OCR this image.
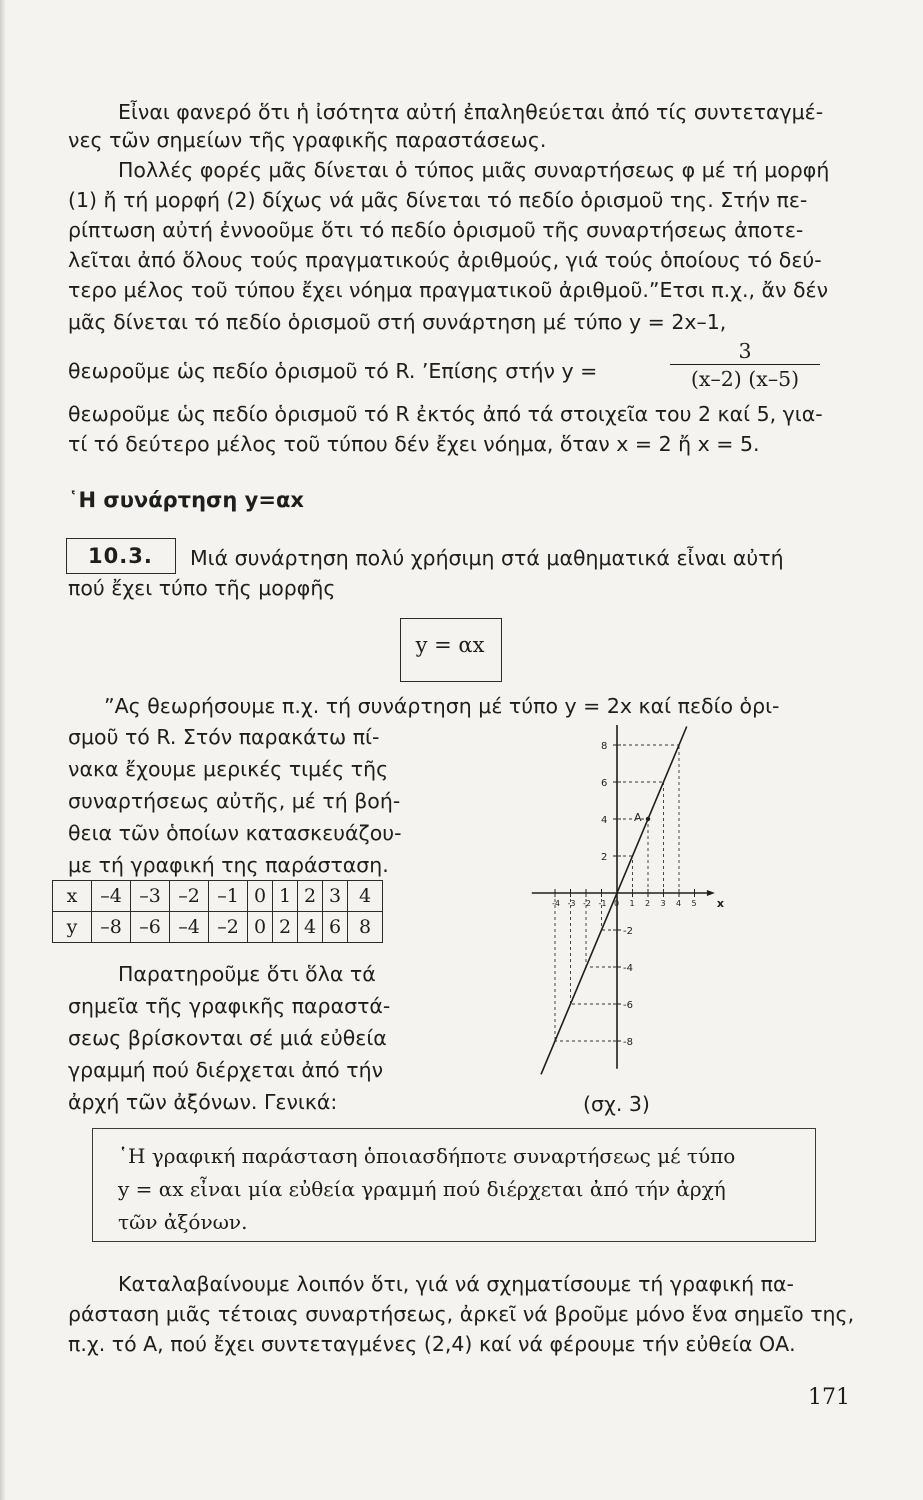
Εἶναι φανερό ὅτι ἡ ἰσότητα αὐτή ἐπαληθεύεται ἀπό τίς συντεταγμέ-
νες τῶν σημείων τῆς γραφικῆς παραστάσεως.
Πολλές φορές μᾶς δίνεται ὁ τύπος μιᾶς συναρτήσεως φ μέ τή μορφή
(1) ἤ τή μορφή (2) δίχως νά μᾶς δίνεται τό πεδίο ὁρισμοῦ της. Στήν πε-
ρίπτωση αὐτή ἐννοοῦμε ὅτι τό πεδίο ὁρισμοῦ τῆς συναρτήσεως ἀποτε-
λεῖται ἀπό ὅλους τούς πραγματικούς ἀριθμούς, γιά τούς ὁποίους τό δεύ-
τερο μέλος τοῦ τύπου ἔχει νόημα πραγματικοῦ ἀριθμοῦ.ˮΕτσι π.χ., ἄν δέν
μᾶς δίνεται τό πεδίο ὁρισμοῦ στή συνάρτηση μέ τύπο y = 2x–1,
θεωροῦμε ὡς πεδίο ὁρισμοῦ τό R. ’Επίσης στήν y =	$\frac{3}{(x-2) (x-5)}$
θεωροῦμε ὡς πεδίο ὁρισμοῦ τό R ἐκτός ἀπό τά στοιχεῖα του 2 καί 5, για-
τί τό δεύτερο μέλος τοῦ τύπου δέν ἔχει νόημα, ὅταν x = 2 ἤ x = 5.
῾Η συνάρτηση y=αx
10.3. Μιά συνάρτηση πολύ χρήσιμη στά μαθηματικά εἶναι αὐτή
πού ἔχει τύπο τῆς μορφῆς
y = αx
ˮΑς θεωρήσουμε π.χ. τή συνάρτηση μέ τύπο y = 2x καί πεδίο ὁρι-
σμοῦ τό R. Στόν παρακάτω πί-
νακα ἔχουμε μερικές τιμές τῆς
συναρτήσεως αὐτῆς, μέ τή βοή-
θεια τῶν ὁποίων κατασκευάζου-
με τή γραφική της παράσταση.
x	–4	–3	–2	–1	0	1	2	3	4
y	–8	–6	–4	–2	0	2	4	6	8
Παρατηροῦμε ὅτι ὅλα τά
σημεῖα τῆς γραφικῆς παραστά-
σεως βρίσκονται σέ μιά εὐθεία
γραμμή πού διέρχεται ἀπό τήν
ἀρχή τῶν ἀξόνων. Γενικά:
x
-4 -3 -2 -1 0 1 2 3 4 5
2
4
6
8
-2
-4
-6
-8
A
(σχ. 3)
῾Η γραφική παράσταση ὁποιασδήποτε συναρτήσεως μέ τύπο
y = αx εἶναι μία εὐθεία γραμμή πού διέρχεται ἀπό τήν ἀρχή
τῶν ἀξόνων.
Καταλαβαίνουμε λοιπόν ὅτι, γιά νά σχηματίσουμε τή γραφική πα-
ράσταση μιᾶς τέτοιας συναρτήσεως, ἀρκεῖ νά βροῦμε μόνο ἕνα σημεῖο της,
π.χ. τό A, πού ἔχει συντεταγμένες (2,4) καί νά φέρουμε τήν εὐθεία ΟΑ.
171
